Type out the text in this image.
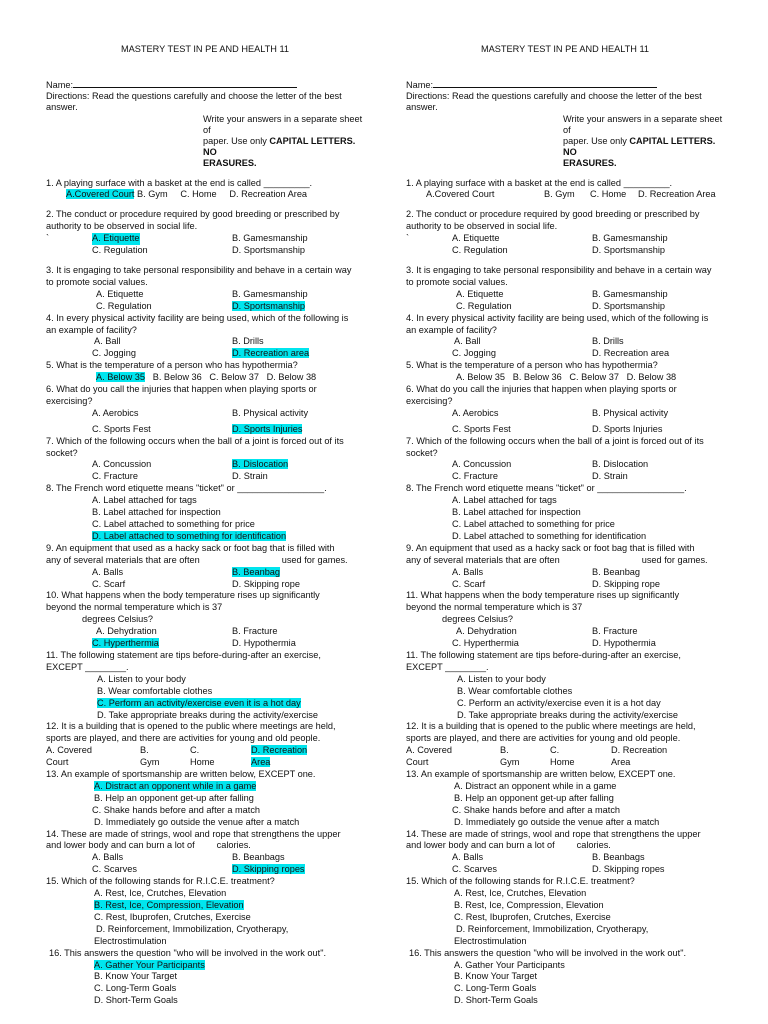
MASTERY TEST IN PE AND HEALTH 11
Name:
Directions: Read the questions carefully and choose the letter of the best answer.
Write your answers in a separate sheet of
paper. Use only CAPITAL LETTERS. NO
ERASURES.
1. A playing surface with a basket at the end is called _________.
A.Covered Court B. Gym C. Home D. Recreation Area
2. The conduct or procedure required by good breeding or prescribed by
authority to be observed in social life.
`	A. Etiquette	B. Gamesmanship
C. Regulation	D. Sportsmanship
3. It is engaging to take personal responsibility and behave in a certain way
to promote social values.
A. Etiquette	B. Gamesmanship
C. Regulation	D. Sportsmanship
4. In every physical activity facility are being used, which of the following is
an example of facility?
A. Ball	B. Drills
C. Jogging	D. Recreation area
5. What is the temperature of a person who has hypothermia?
A. Below 35 B. Below 36 C. Below 37 D. Below 38
6. What do you call the injuries that happen when playing sports or
exercising?
A. Aerobics	B. Physical activity
C. Sports Fest	D. Sports Injuries
7. Which of the following occurs when the ball of a joint is forced out of its
socket?
A. Concussion	B. Dislocation
C. Fracture	D. Strain
8. The French word etiquette means "ticket" or _________________.
A. Label attached for tags
B. Label attached for inspection
C. Label attached to something for price
D. Label attached to something for identification
9. An equipment that used as a hacky sack or foot bag that is filled with
any of several materials that are often	used for games.
A. Balls	B. Beanbag
C. Scarf	D. Skipping rope
10. What happens when the body temperature rises up significantly
beyond the normal temperature which is 37
degrees Celsius?
A. Dehydration	B. Fracture
C. Hyperthermia	D. Hypothermia
11. The following statement are tips before-during-after an exercise,
EXCEPT ________.
A. Listen to your body
B. Wear comfortable clothes
C. Perform an activity/exercise even it is a hot day
D. Take appropriate breaks during the activity/exercise
12. It is a building that is opened to the public where meetings are held,
sports are played, and there are activities for young and old people.
A. Covered Court
B. Gym
C. Home
D. Recreation Area
13. An example of sportsmanship are written below, EXCEPT one.
A. Distract an opponent while in a game
B. Help an opponent get-up after falling
C. Shake hands before and after a match
D. Immediately go outside the venue after a match
14. These are made of strings, wool and rope that strengthens the upper
and lower body and can burn a lot of calories.
A. Balls	B. Beanbags
C. Scarves	D. Skipping ropes
15. Which of the following stands for R.I.C.E. treatment?
A. Rest, Ice, Crutches, Elevation
B. Rest, Ice, Compression, Elevation
C. Rest, Ibuprofen, Crutches, Exercise
D. Reinforcement, Immobilization, Cryotherapy,
Electrostimulation
16. This answers the question "who will be involved in the work out".
A. Gather Your Participants
B. Know Your Target
C. Long-Term Goals
D. Short-Term Goals
MASTERY TEST IN PE AND HEALTH 11
Name:
Directions: Read the questions carefully and choose the letter of the best answer.
Write your answers in a separate sheet of
paper. Use only CAPITAL LETTERS. NO
ERASURES.
1. A playing surface with a basket at the end is called _________.
A.Covered Court	B. Gym	C. Home	D. Recreation Area
2. The conduct or procedure required by good breeding or prescribed by
authority to be observed in social life.
`	A. Etiquette	B. Gamesmanship
C. Regulation	D. Sportsmanship
3. It is engaging to take personal responsibility and behave in a certain way
to promote social values.
A. Etiquette	B. Gamesmanship
C. Regulation	D. Sportsmanship
4. In every physical activity facility are being used, which of the following is
an example of facility?
A. Ball	B. Drills
C. Jogging	D. Recreation area
5. What is the temperature of a person who has hypothermia?
A. Below 35 B. Below 36 C. Below 37 D. Below 38
6. What do you call the injuries that happen when playing sports or
exercising?
A. Aerobics	B. Physical activity
C. Sports Fest	D. Sports Injuries
7. Which of the following occurs when the ball of a joint is forced out of its
socket?
A. Concussion	B. Dislocation
C. Fracture	D. Strain
8. The French word etiquette means "ticket" or _________________.
A. Label attached for tags
B. Label attached for inspection
C. Label attached to something for price
D. Label attached to something for identification
9. An equipment that used as a hacky sack or foot bag that is filled with
any of several materials that are often	used for games.
A. Balls	B. Beanbag
C. Scarf	D. Skipping rope
11. What happens when the body temperature rises up significantly
beyond the normal temperature which is 37
degrees Celsius?
A. Dehydration	B. Fracture
C. Hyperthermia	D. Hypothermia
11. The following statement are tips before-during-after an exercise,
EXCEPT ________.
A. Listen to your body
B. Wear comfortable clothes
C. Perform an activity/exercise even it is a hot day
D. Take appropriate breaks during the activity/exercise
12. It is a building that is opened to the public where meetings are held,
sports are played, and there are activities for young and old people.
A. Covered Court
B. Gym
C. Home
D. Recreation Area
13. An example of sportsmanship are written below, EXCEPT one.
A. Distract an opponent while in a game
B. Help an opponent get-up after falling
C. Shake hands before and after a match
D. Immediately go outside the venue after a match
14. These are made of strings, wool and rope that strengthens the upper
and lower body and can burn a lot of calories.
A. Balls	B. Beanbags
C. Scarves	D. Skipping ropes
15. Which of the following stands for R.I.C.E. treatment?
A. Rest, Ice, Crutches, Elevation
B. Rest, Ice, Compression, Elevation
C. Rest, Ibuprofen, Crutches, Exercise
D. Reinforcement, Immobilization, Cryotherapy,
Electrostimulation
16. This answers the question "who will be involved in the work out".
A. Gather Your Participants
B. Know Your Target
C. Long-Term Goals
D. Short-Term Goals
